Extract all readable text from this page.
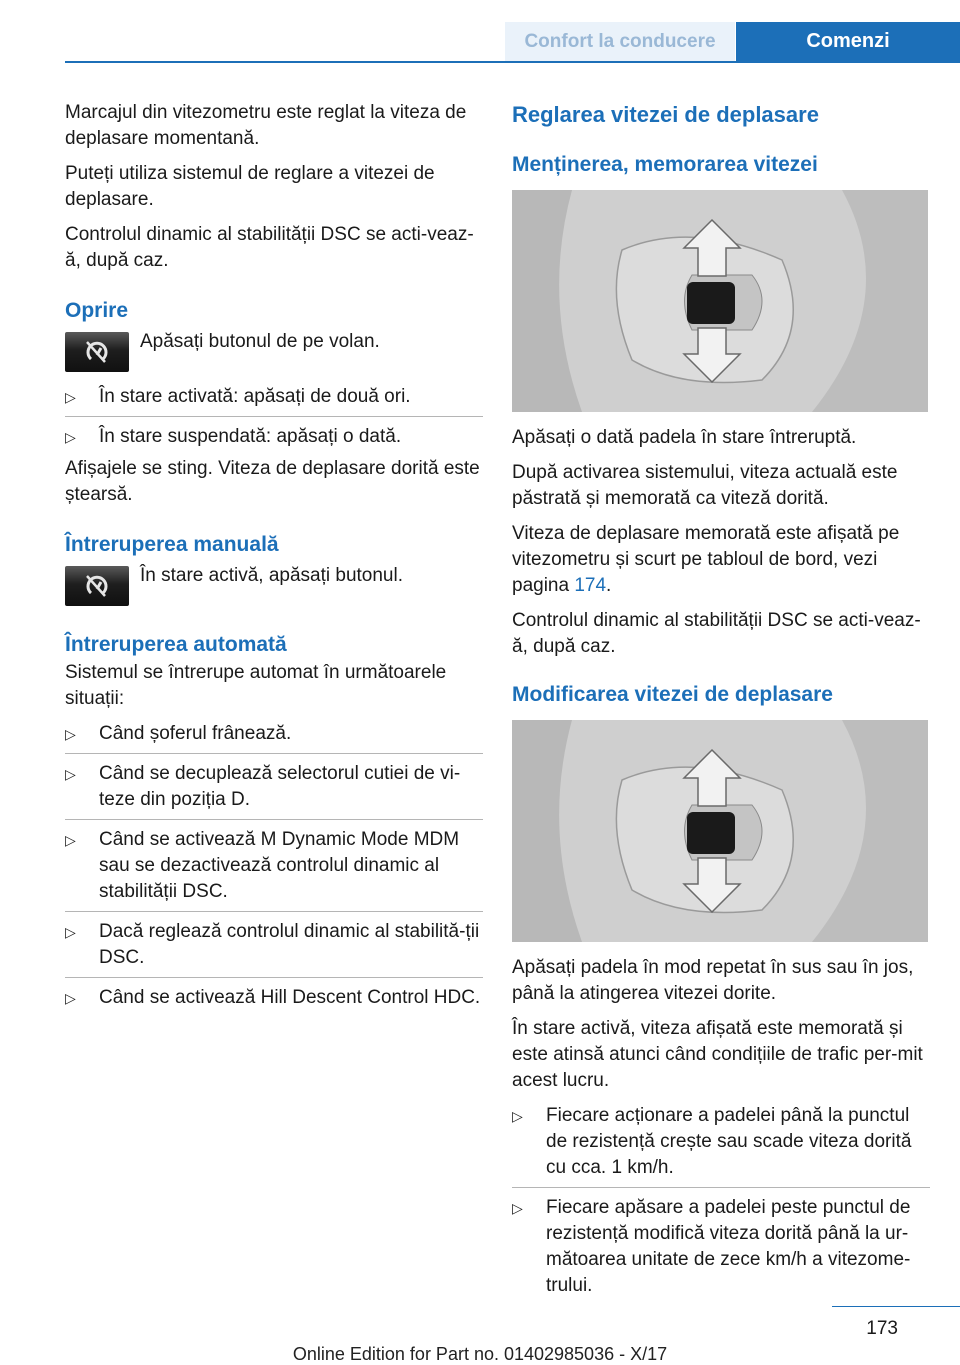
Confort la conducere	Comenzi

Marcajul din vitezometru este reglat la viteza de deplasare momentană.

Puteți utiliza sistemul de reglare a vitezei de deplasare.

Controlul dinamic al stabilității DSC se acti-vează, după caz.

Oprire

Apăsați butonul de pe volan.

▷ În stare activată: apăsați de două ori.
▷ În stare suspendată: apăsați o dată.

Afișajele se sting. Viteza de deplasare dorită este ștearsă.

Întreruperea manuală

În stare activă, apăsați butonul.

Întreruperea automată

Sistemul se întrerupe automat în următoarele situații:

▷ Când șoferul frânează.
▷ Când se decuplează selectorul cutiei de vi-teze din poziția D.
▷ Când se activează M Dynamic Mode MDM sau se dezactivează controlul dinamic al stabilității DSC.
▷ Dacă reglează controlul dinamic al stabilită-ții DSC.
▷ Când se activează Hill Descent Control HDC.
Reglarea vitezei de deplasare
Menținerea, memorarea vitezei

Apăsați o dată padela în stare întreruptă.

După activarea sistemului, viteza actuală este păstrată și memorată ca viteză dorită.

Viteza de deplasare memorată este afișată pe vitezometru și scurt pe tabloul de bord, vezi pagina 174.

Controlul dinamic al stabilității DSC se acti-vează, după caz.

Modificarea vitezei de deplasare

Apăsați padela în mod repetat în sus sau în jos, până la atingerea vitezei dorite.

În stare activă, viteza afișată este memorată și este atinsă atunci când condițiile de trafic per-mit acest lucru.

▷ Fiecare acționare a padelei până la punctul de rezistență crește sau scade viteza dorită cu cca. 1 km/h.
▷ Fiecare apăsare a padelei peste punctul de rezistență modifică viteza dorită până la ur-mătoarea unitate de zece km/h a vitezome-trului.
173
Online Edition for Part no. 01402985036 - X/17
